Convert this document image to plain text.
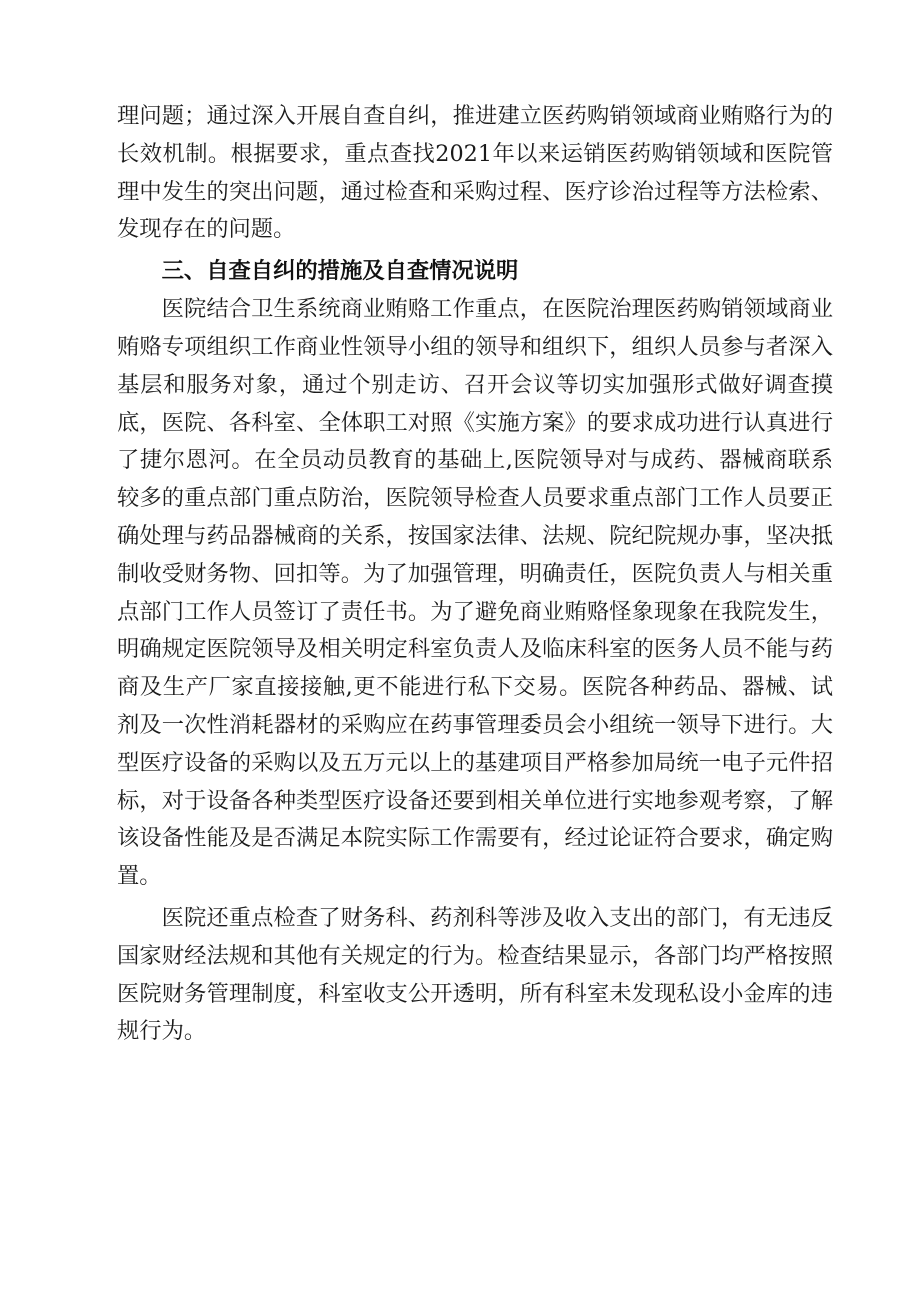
理问题；通过深入开展自查自纠，推进建立医药购销领域商业贿赂行为的长效机制。根据要求，重点查找2021年以来运销医药购销领域和医院管理中发生的突出问题，通过检查和采购过程、医疗诊治过程等方法检索、发现存在的问题。

三、自查自纠的措施及自查情况说明

医院结合卫生系统商业贿赂工作重点，在医院治理医药购销领域商业贿赂专项组织工作商业性领导小组的领导和组织下，组织人员参与者深入基层和服务对象，通过个别走访、召开会议等切实加强形式做好调查摸底，医院、各科室、全体职工对照《实施方案》的要求成功进行认真进行了捷尔恩河。在全员动员教育的基础上,医院领导对与成药、器械商联系较多的重点部门重点防治，医院领导检查人员要求重点部门工作人员要正确处理与药品器械商的关系，按国家法律、法规、院纪院规办事，坚决抵制收受财务物、回扣等。为了加强管理，明确责任，医院负责人与相关重点部门工作人员签订了责任书。为了避免商业贿赂怪象现象在我院发生，明确规定医院领导及相关明定科室负责人及临床科室的医务人员不能与药商及生产厂家直接接触,更不能进行私下交易。医院各种药品、器械、试剂及一次性消耗器材的采购应在药事管理委员会小组统一领导下进行。大型医疗设备的采购以及五万元以上的基建项目严格参加局统一电子元件招标，对于设备各种类型医疗设备还要到相关单位进行实地参观考察，了解该设备性能及是否满足本院实际工作需要有，经过论证符合要求，确定购置。

医院还重点检查了财务科、药剂科等涉及收入支出的部门，有无违反国家财经法规和其他有关规定的行为。检查结果显示，各部门均严格按照医院财务管理制度，科室收支公开透明，所有科室未发现私设小金库的违规行为。
